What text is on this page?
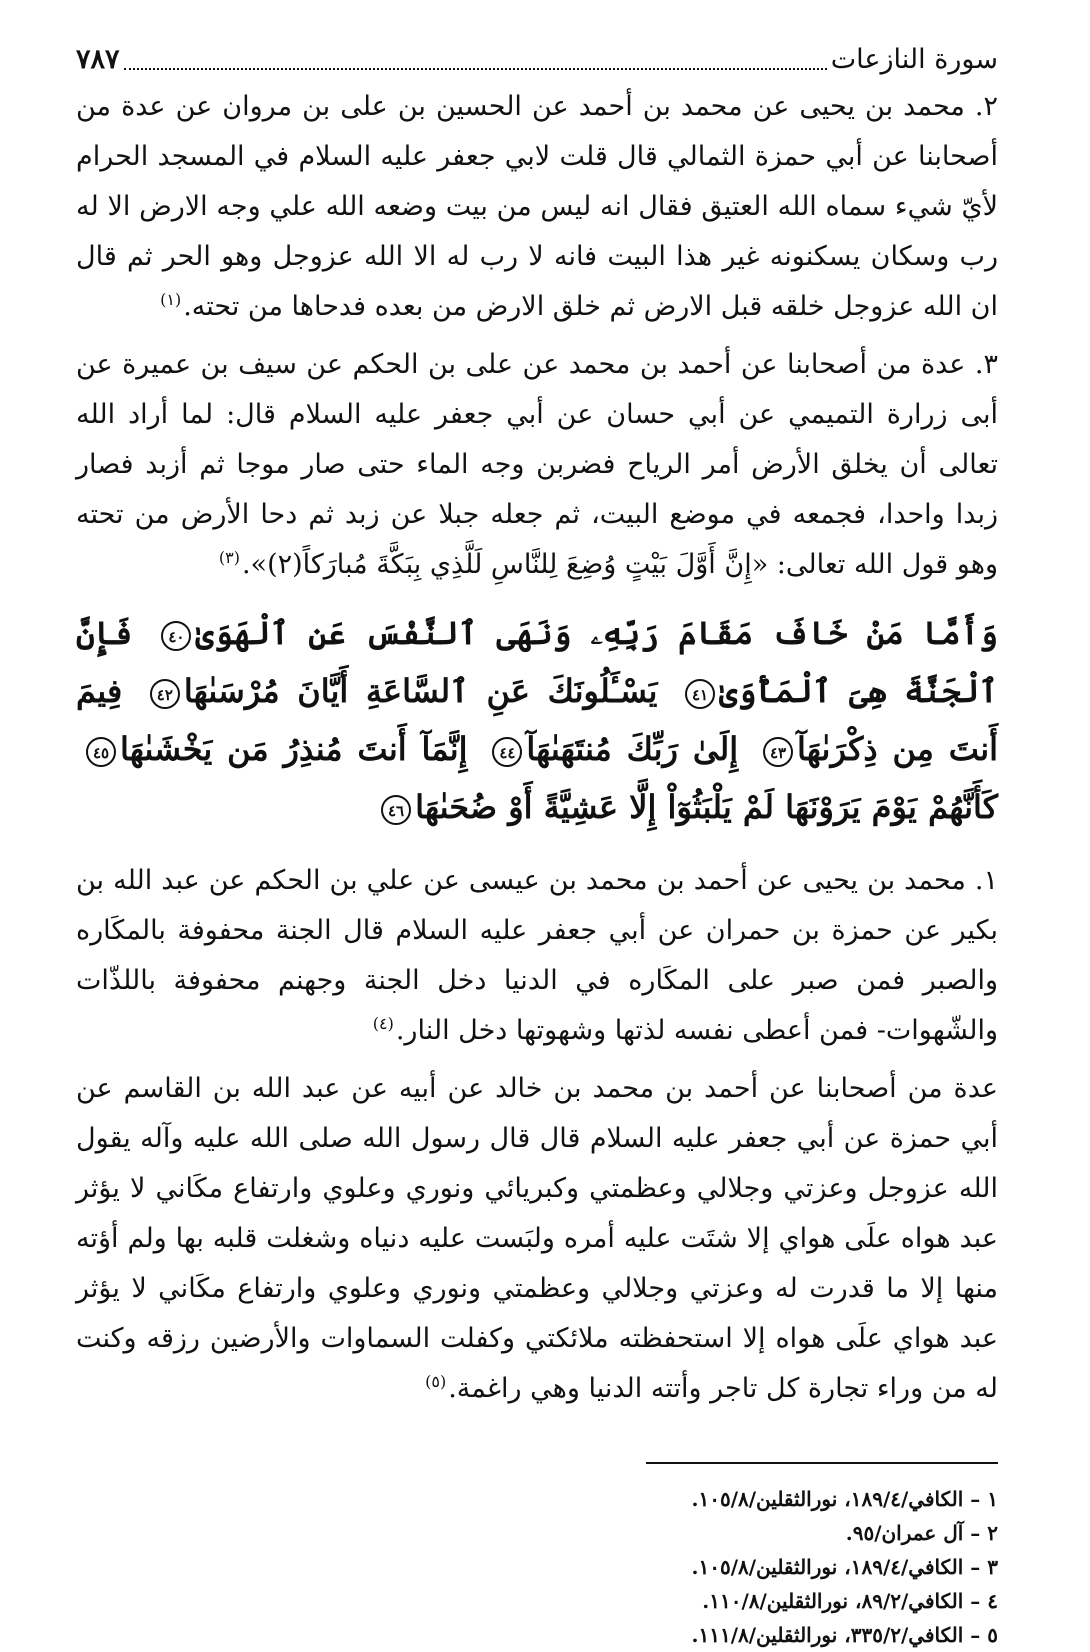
سورة النازعات
٧٨٧

٢. محمد بن يحيى عن محمد بن أحمد عن الحسين بن على بن مروان عن عدة من أصحابنا عن أبي حمزة الثمالي قال قلت لابي جعفر عليه السلام في المسجد الحرام لأيّ شيء سماه الله العتيق فقال انه ليس من بيت وضعه الله علي وجه الارض الا له رب وسكان يسكنونه غير هذا البيت فانه لا رب له الا الله عزوجل وهو الحر ثم قال ان الله عزوجل خلقه قبل الارض ثم خلق الارض من بعده فدحاها من تحته.$^{(١)}$

٣. عدة من أصحابنا عن أحمد بن محمد عن على بن الحكم عن سيف بن عميرة عن أبى زرارة التميمي عن أبي حسان عن أبي جعفر عليه السلام قال: لما أراد الله تعالى أن يخلق الأرض أمر الرياح فضربن وجه الماء حتى صار موجا ثم أزبد فصار زبدا واحدا، فجمعه في موضع البيت، ثم جعله جبلا عن زبد ثم دحا الأرض من تحته وهو قول الله تعالى: «إِنَّ أَوَّلَ بَيْتٍ وُضِعَ لِلنَّاسِ لَلَّذِي بِبَكَّةَ مُبارَكاً(٢)».$^{(٣)}$

وَأَمَّا مَنْ خَافَ مَقَامَ رَبِّهِۦ وَنَهَى ٱلنَّفْسَ عَنِ ٱلْهَوَىٰ٤٠ فَإِنَّ ٱلْجَنَّةَ هِىَ ٱلْمَأْوَىٰ٤١ يَسْـَٔلُونَكَ عَنِ ٱلسَّاعَةِ أَيَّانَ مُرْسَىٰهَا٤٢ فِيمَ أَنتَ مِن ذِكْرَىٰهَآ٤٣ إِلَىٰ رَبِّكَ مُنتَهَىٰهَآ٤٤ إِنَّمَآ أَنتَ مُنذِرُ مَن يَخْشَىٰهَا٤٥ كَأَنَّهُمْ يَوْمَ يَرَوْنَهَا لَمْ يَلْبَثُوٓاْ إِلَّا عَشِيَّةً أَوْ ضُحَىٰهَا٤٦

١. محمد بن يحيى عن أحمد بن محمد بن عيسى عن علي بن الحكم عن عبد الله بن بكير عن حمزة بن حمران عن أبي جعفر عليه السلام قال الجنة محفوفة بالمكَاره والصبر فمن صبر على المكَاره في الدنيا دخل الجنة وجهنم محفوفة باللذّات والشّهوات- فمن أعطى نفسه لذتها وشهوتها دخل النار.$^{(٤)}$

عدة من أصحابنا عن أحمد بن محمد بن خالد عن أبيه عن عبد الله بن القاسم عن أبي حمزة عن أبي جعفر عليه السلام قال قال رسول الله صلى الله عليه وآله يقول الله عزوجل وعزتي وجلالي وعظمتي وكبريائي ونوري وعلوي وارتفاع مكَاني لا يؤثر عبد هواه علَى هواي إلا شتَت عليه أمره ولبَست عليه دنياه وشغلت قلبه بها ولم أؤته منها إلا ما قدرت له وعزتي وجلالي وعظمتي ونوري وعلوي وارتفاع مكَاني لا يؤثر عبد هواي علَى هواه إلا استحفظته ملائكتي وكفلت السماوات والأرضين رزقه وكنت له من وراء تجارة كل تاجر وأتته الدنيا وهي راغمة.$^{(٥)}$

١ – الكافي/١٨٩/٤، نورالثقلين/١٠٥/٨.
٢ – آل عمران/٩٥.
٣ – الكافي/١٨٩/٤، نورالثقلين/١٠٥/٨.
٤ – الكافي/٨٩/٢، نورالثقلين/١١٠/٨.
٥ – الكافي/٣٣٥/٢، نورالثقلين/١١١/٨.
